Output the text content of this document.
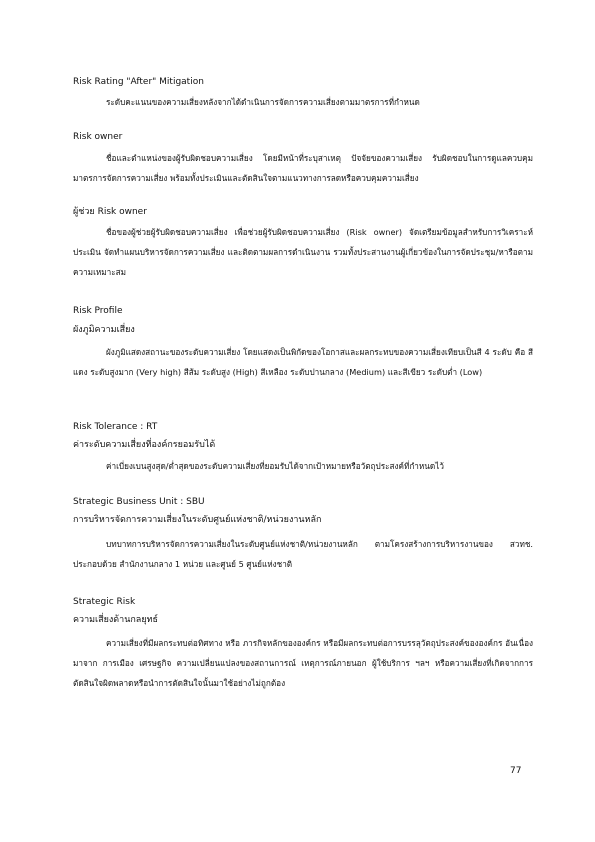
Risk Rating "After" Mitigation
ระดับคะแนนของความเสี่ยงหลังจากได้ดำเนินการจัดการความเสี่ยงตามมาตรการที่กำหนด
Risk owner
ชื่อและตำแหน่งของผู้รับผิดชอบความเสี่ยง โดยมีหน้าที่ระบุสาเหตุ ปัจจัยของความเสี่ยง รับผิดชอบในการดูแลควบคุมมาตรการจัดการความเสี่ยง พร้อมทั้งประเมินและตัดสินใจตามแนวทางการลดหรือควบคุมความเสี่ยง
ผู้ช่วย Risk owner
ชื่อของผู้ช่วยผู้รับผิดชอบความเสี่ยง เพื่อช่วยผู้รับผิดชอบความเสี่ยง (Risk owner) จัดเตรียมข้อมูลสำหรับการวิเคราะห์ ประเมิน จัดทำแผนบริหารจัดการความเสี่ยง และติดตามผลการดำเนินงาน รวมทั้งประสานงานผู้เกี่ยวข้องในการจัดประชุม/หารือตามความเหมาะสม
Risk Profile
ผังภูมิความเสี่ยง
ผังภูมิแสดงสถานะของระดับความเสี่ยง โดยแสดงเป็นพิกัดของโอกาสและผลกระทบของความเสี่ยงเทียบเป็นสี 4 ระดับ คือ สีแดง ระดับสูงมาก (Very high) สีส้ม ระดับสูง (High) สีเหลือง ระดับปานกลาง (Medium) และสีเขียว ระดับต่ำ (Low)
Risk Tolerance : RT
ค่าระดับความเสี่ยงที่องค์กรยอมรับได้
ค่าเบี่ยงเบนสูงสุด/ต่ำสุดของระดับความเสี่ยงที่ยอมรับได้จากเป้าหมายหรือวัตถุประสงค์ที่กำหนดไว้
Strategic Business Unit : SBU
การบริหารจัดการความเสี่ยงในระดับศูนย์แห่งชาติ/หน่วยงานหลัก
บทบาทการบริหารจัดการความเสี่ยงในระดับศูนย์แห่งชาติ/หน่วยงานหลัก ตามโครงสร้างการบริหารงานของ สวทช. ประกอบด้วย สำนักงานกลาง 1 หน่วย และศูนย์ 5 ศูนย์แห่งชาติ
Strategic Risk
ความเสี่ยงด้านกลยุทธ์
ความเสี่ยงที่มีผลกระทบต่อทิศทาง หรือ ภารกิจหลักขององค์กร หรือมีผลกระทบต่อการบรรลุวัตถุประสงค์ขององค์กร อันเนื่องมาจาก การเมือง เศรษฐกิจ ความเปลี่ยนแปลงของสถานการณ์ เหตุการณ์ภายนอก ผู้ใช้บริการ ฯลฯ หรือความเสี่ยงที่เกิดจากการตัดสินใจผิดพลาดหรือนำการตัดสินใจนั้นมาใช้อย่างไม่ถูกต้อง
77
